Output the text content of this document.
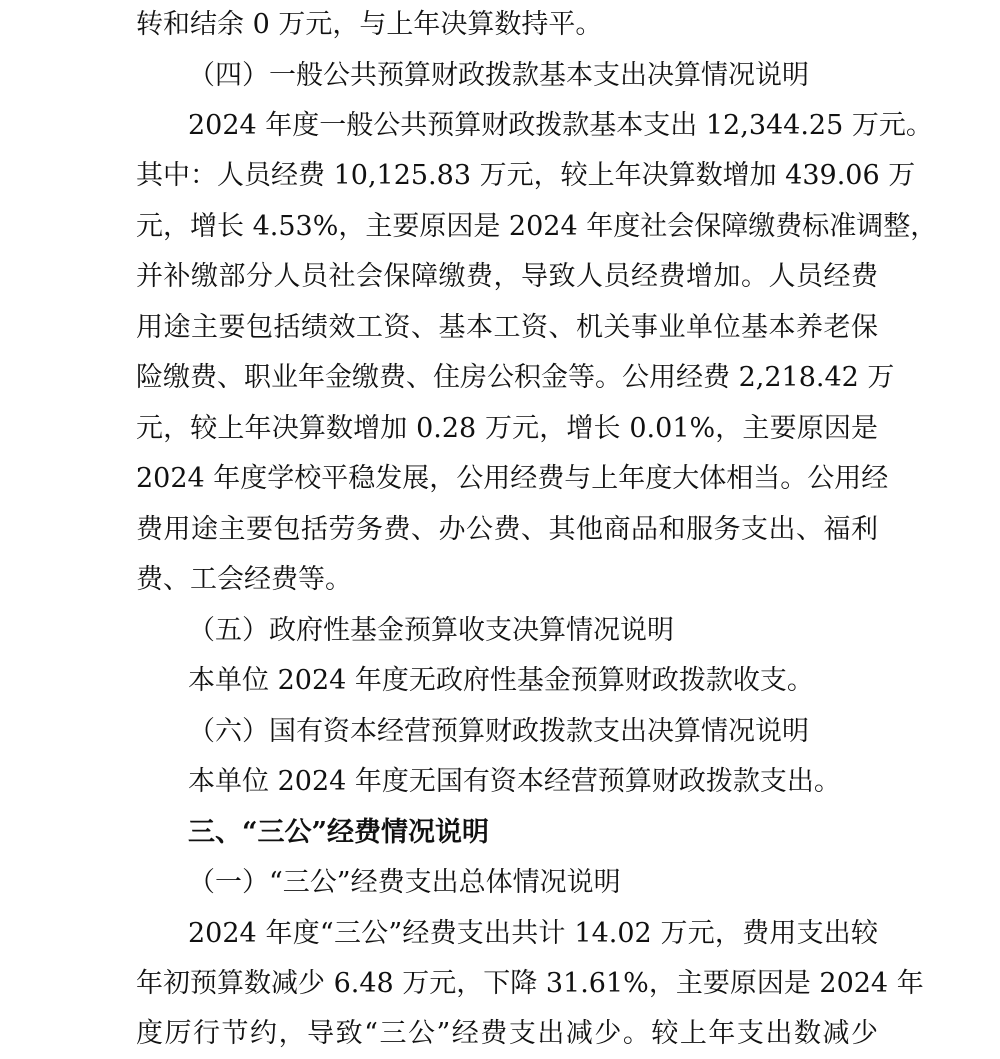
转和结余 0 万元，与上年决算数持平。
（四）一般公共预算财政拨款基本支出决算情况说明
2024 年度一般公共预算财政拨款基本支出 12,344.25 万元。
其中：人员经费 10,125.83 万元，较上年决算数增加 439.06 万
元，增长 4.53%，主要原因是 2024 年度社会保障缴费标准调整，
并补缴部分人员社会保障缴费，导致人员经费增加。人员经费
用途主要包括绩效工资、基本工资、机关事业单位基本养老保
险缴费、职业年金缴费、住房公积金等。公用经费 2,218.42 万
元，较上年决算数增加 0.28 万元，增长 0.01%，主要原因是
2024 年度学校平稳发展，公用经费与上年度大体相当。公用经
费用途主要包括劳务费、办公费、其他商品和服务支出、福利
费、工会经费等。
（五）政府性基金预算收支决算情况说明
本单位 2024 年度无政府性基金预算财政拨款收支。
（六）国有资本经营预算财政拨款支出决算情况说明
本单位 2024 年度无国有资本经营预算财政拨款支出。
三、“三公”经费情况说明
（一）“三公”经费支出总体情况说明
2024 年度“三公”经费支出共计 14.02 万元，费用支出较
年初预算数减少 6.48 万元，下降 31.61%，主要原因是 2024 年
度厉行节约，导致“三公”经费支出减少。较上年支出数减少
